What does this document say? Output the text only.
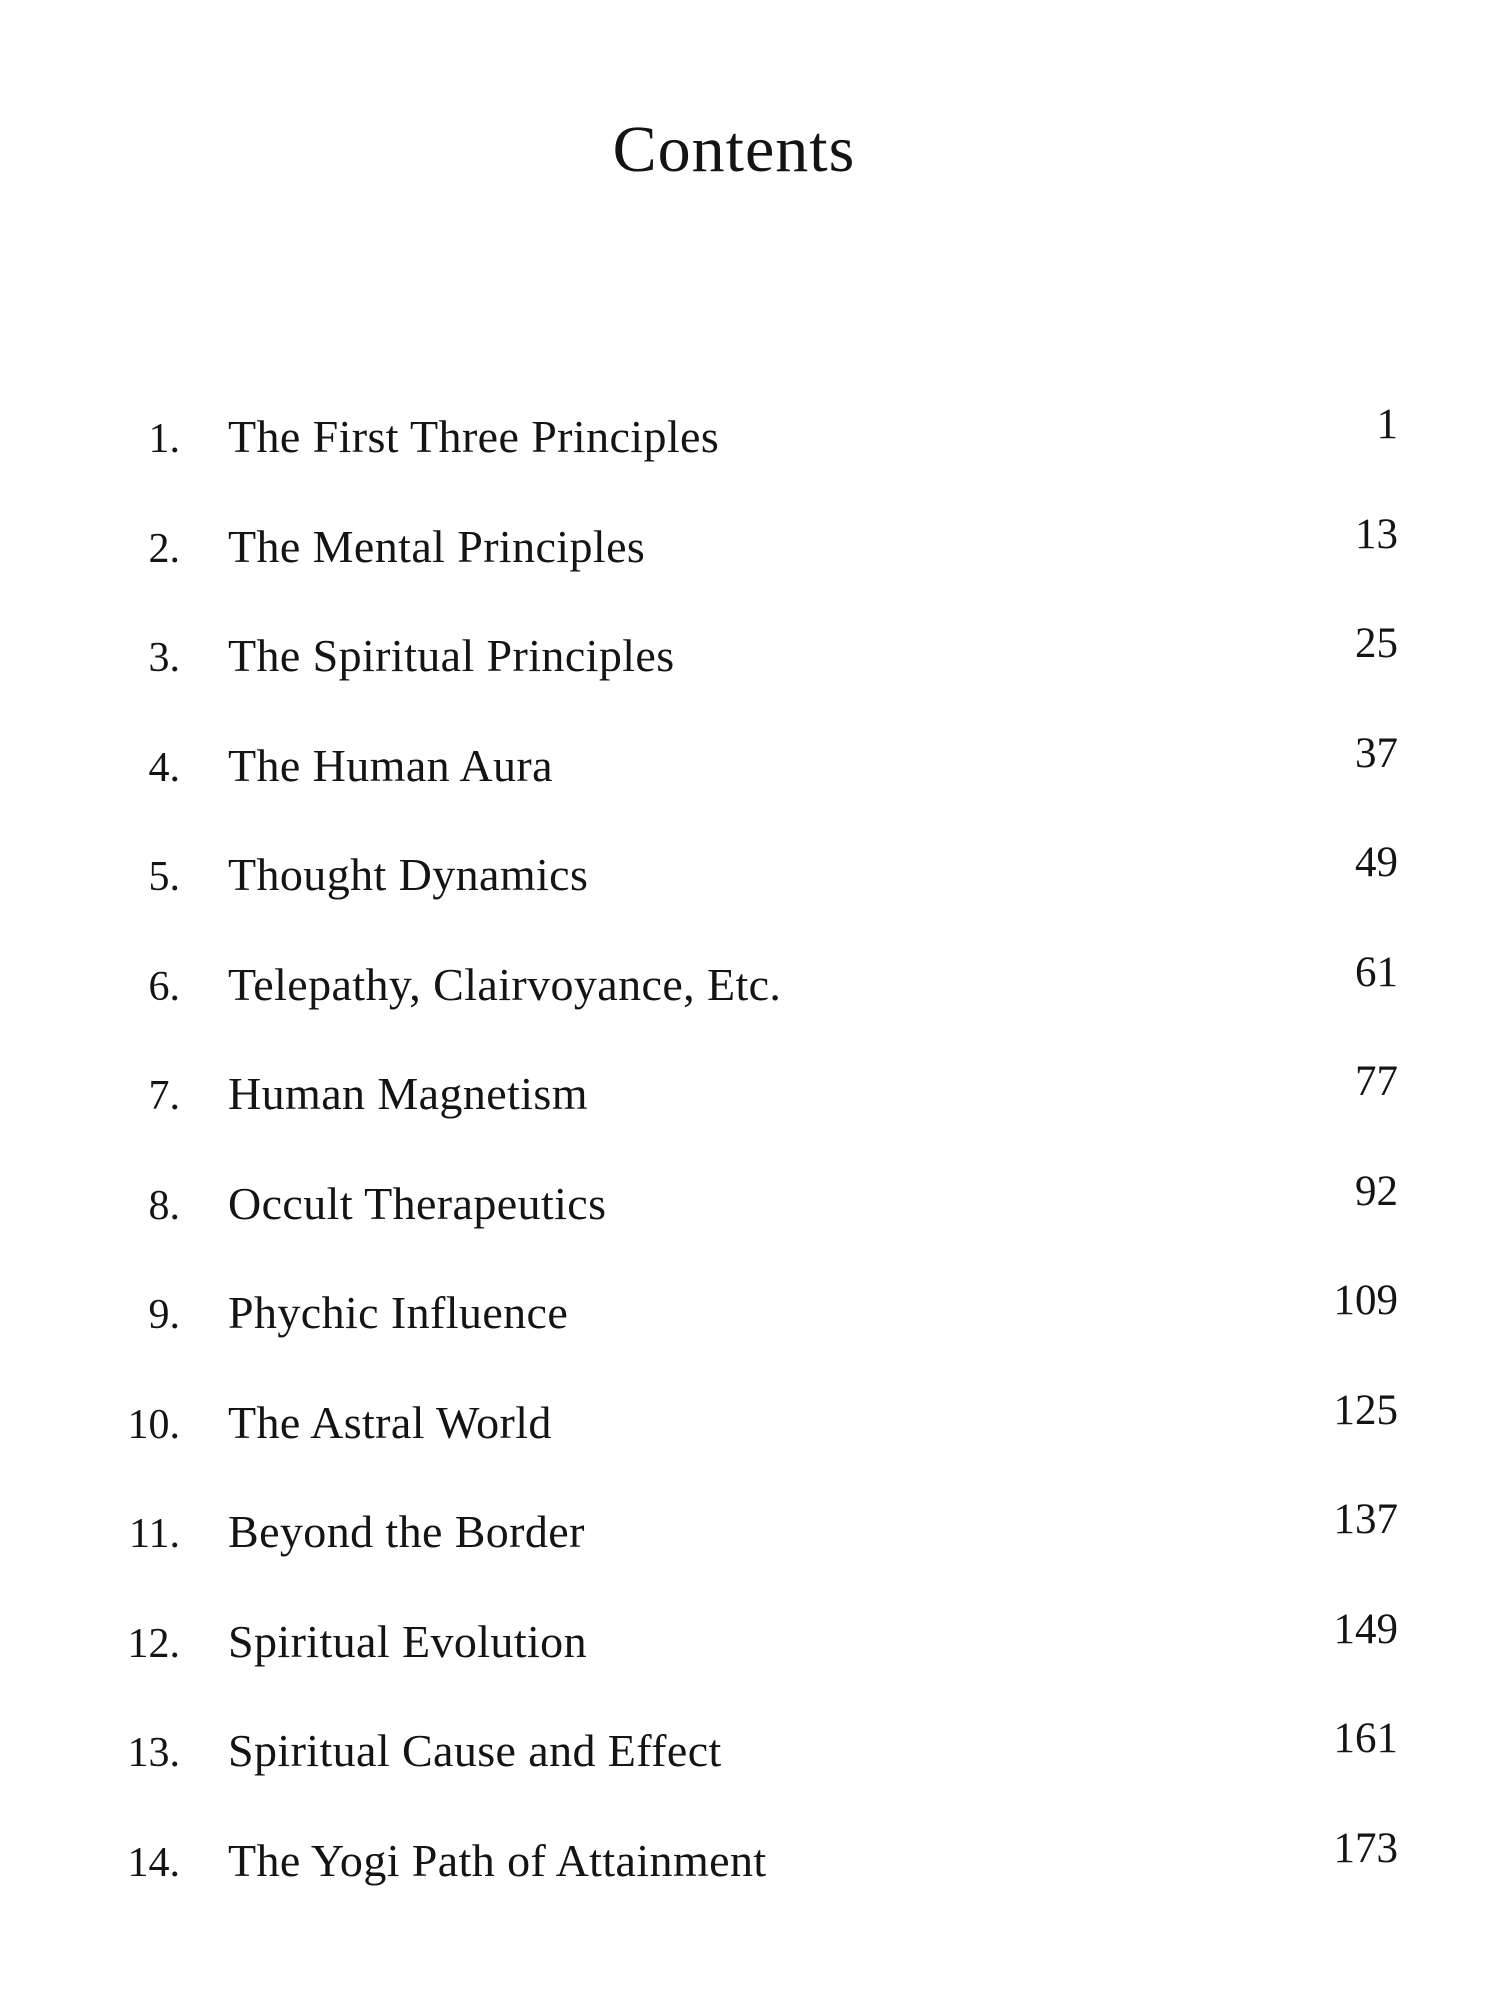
Contents
1. The First Three Principles	1
2. The Mental Principles	13
3. The Spiritual Principles	25
4. The Human Aura	37
5. Thought Dynamics	49
6. Telepathy, Clairvoyance, Etc.	61
7. Human Magnetism	77
8. Occult Therapeutics	92
9. Phychic Influence	109
10. The Astral World	125
11. Beyond the Border	137
12. Spiritual Evolution	149
13. Spiritual Cause and Effect	161
14. The Yogi Path of Attainment	173
